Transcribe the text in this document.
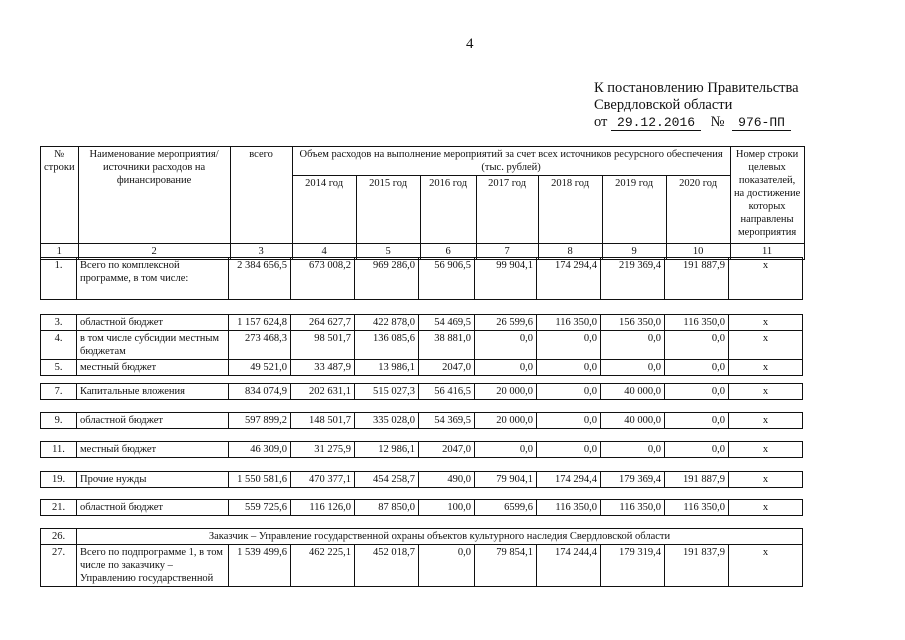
4
К постановлению Правительства
Свердловской области
от 29.12.2016 № 976-ПП
№ строки	Наименование мероприятия/источники расходов на финансирование	всего	Объем расходов на выполнение мероприятий за счет всех источников ресурсного обеспечения (тыс. рублей)							Номер строки целевых показателей, на достижение которых направлены мероприятия
			2014 год	2015 год	2016 год	2017 год	2018 год	2019 год	2020 год	
1	2	3	4	5	6	7	8	9	10	11
1.	Всего по комплексной программе, в том числе:	2 384 656,5	673 008,2	969 286,0	56 906,5	99 904,1	174 294,4	219 369,4	191 887,9	х
3.	областной бюджет	1 157 624,8	264 627,7	422 878,0	54 469,5	26 599,6	116 350,0	156 350,0	116 350,0	х
4.	в том числе субсидии местным бюджетам	273 468,3	98 501,7	136 085,6	38 881,0	0,0	0,0	0,0	0,0	х
5.	местный бюджет	49 521,0	33 487,9	13 986,1	2047,0	0,0	0,0	0,0	0,0	х
7.	Капитальные вложения	834 074,9	202 631,1	515 027,3	56 416,5	20 000,0	0,0	40 000,0	0,0	х
9.	областной бюджет	597 899,2	148 501,7	335 028,0	54 369,5	20 000,0	0,0	40 000,0	0,0	х
11.	местный бюджет	46 309,0	31 275,9	12 986,1	2047,0	0,0	0,0	0,0	0,0	х
19.	Прочие нужды	1 550 581,6	470 377,1	454 258,7	490,0	79 904,1	174 294,4	179 369,4	191 887,9	х
21.	областной бюджет	559 725,6	116 126,0	87 850,0	100,0	6599,6	116 350,0	116 350,0	116 350,0	х
26.	Заказчик – Управление государственной охраны объектов культурного наследия Свердловской области									
27.	Всего по подпрограмме 1, в том числе по заказчику – Управлению государственной	1 539 499,6	462 225,1	452 018,7	0,0	79 854,1	174 244,4	179 319,4	191 837,9	х
